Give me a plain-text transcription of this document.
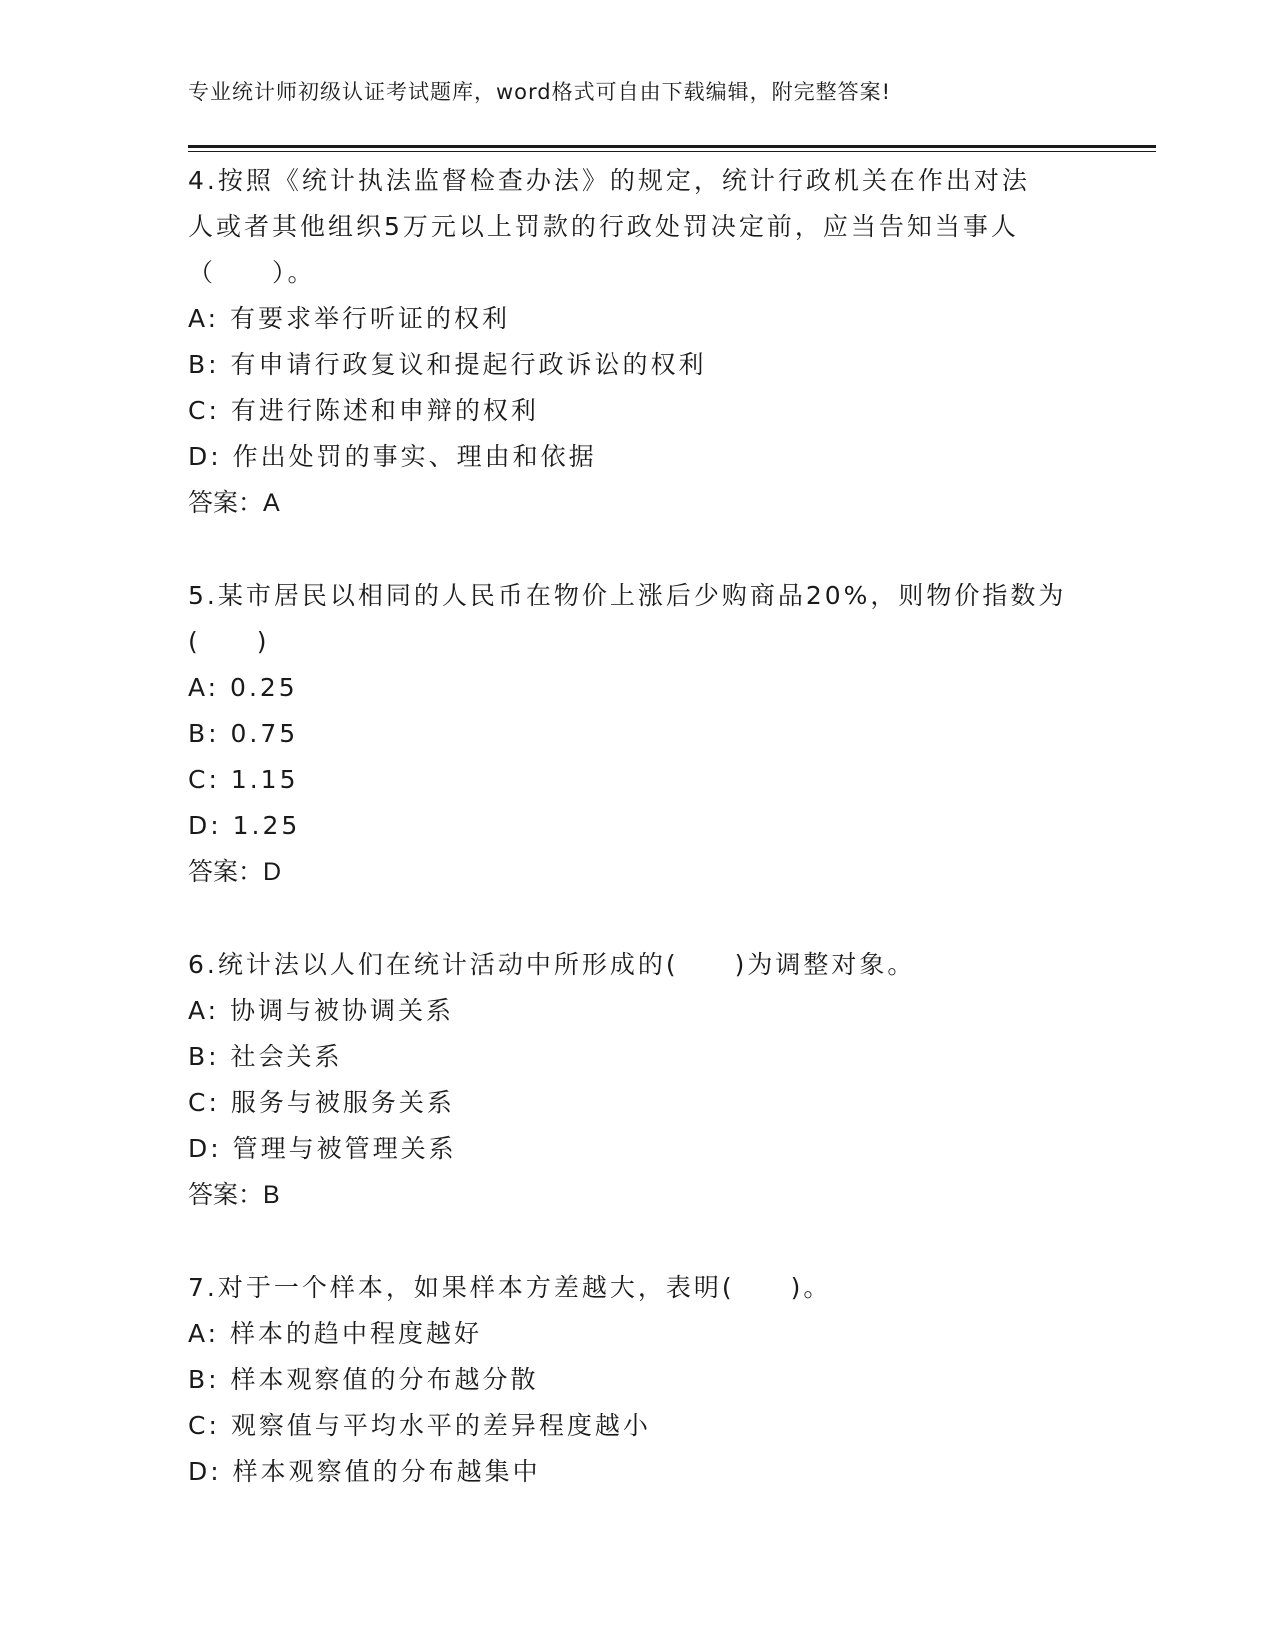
专业统计师初级认证考试题库，word格式可自由下载编辑，附完整答案!
4.按照《统计执法监督检查办法》的规定，统计行政机关在作出对法
人或者其他组织5万元以上罚款的行政处罚决定前，应当告知当事人
（　　）。
A: 有要求举行听证的权利
B: 有申请行政复议和提起行政诉讼的权利
C: 有进行陈述和申辩的权利
D: 作出处罚的事实、理由和依据
答案：A
5.某市居民以相同的人民币在物价上涨后少购商品20%，则物价指数为
(　　)
A: 0.25
B: 0.75
C: 1.15
D: 1.25
答案：D
6.统计法以人们在统计活动中所形成的(　　)为调整对象。
A: 协调与被协调关系
B: 社会关系
C: 服务与被服务关系
D: 管理与被管理关系
答案：B
7.对于一个样本，如果样本方差越大，表明(　　)。
A: 样本的趋中程度越好
B: 样本观察值的分布越分散
C: 观察值与平均水平的差异程度越小
D: 样本观察值的分布越集中
